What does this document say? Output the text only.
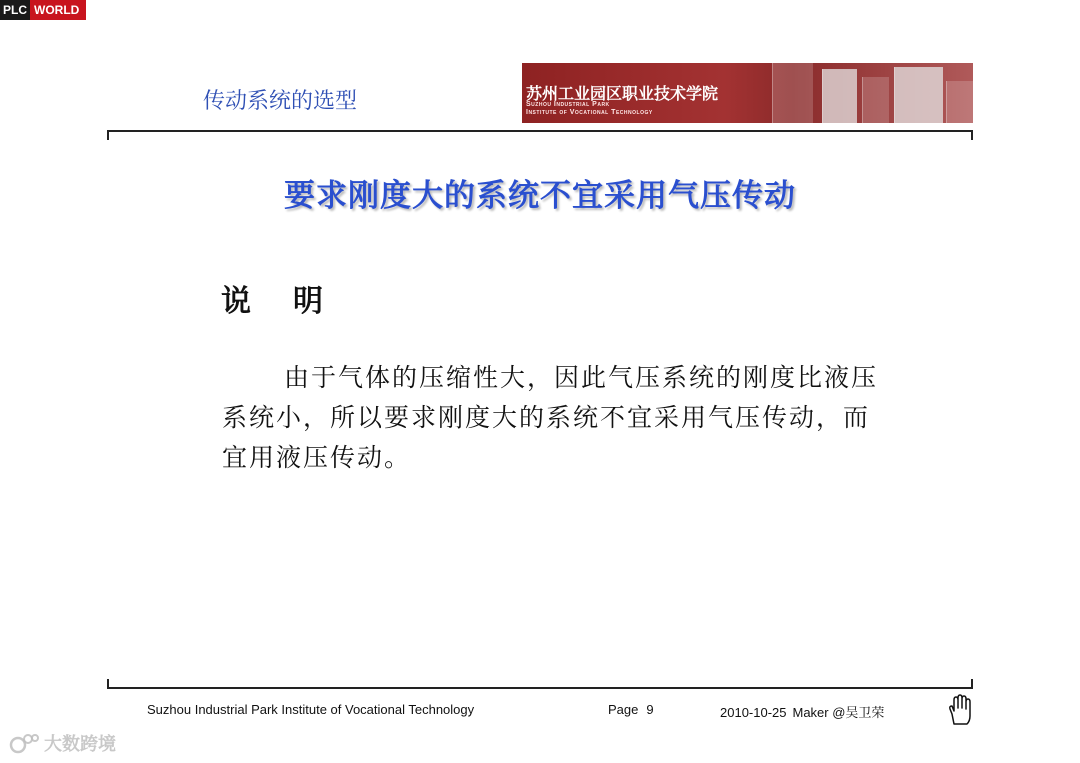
PLC WORLD
传动系统的选型	苏州工业园区职业技术学院
Suzhou Industrial Park
Institute of Vocational Technology
要求刚度大的系统不宜采用气压传动
说　明

由于气体的压缩性大，因此气压系统的刚度比液压系统小，所以要求刚度大的系统不宜采用气压传动，而宜用液压传动。

Suzhou Industrial Park Institute of Vocational Technology	Page 9	2010-10-25 Maker @吴卫荣
大数跨境
